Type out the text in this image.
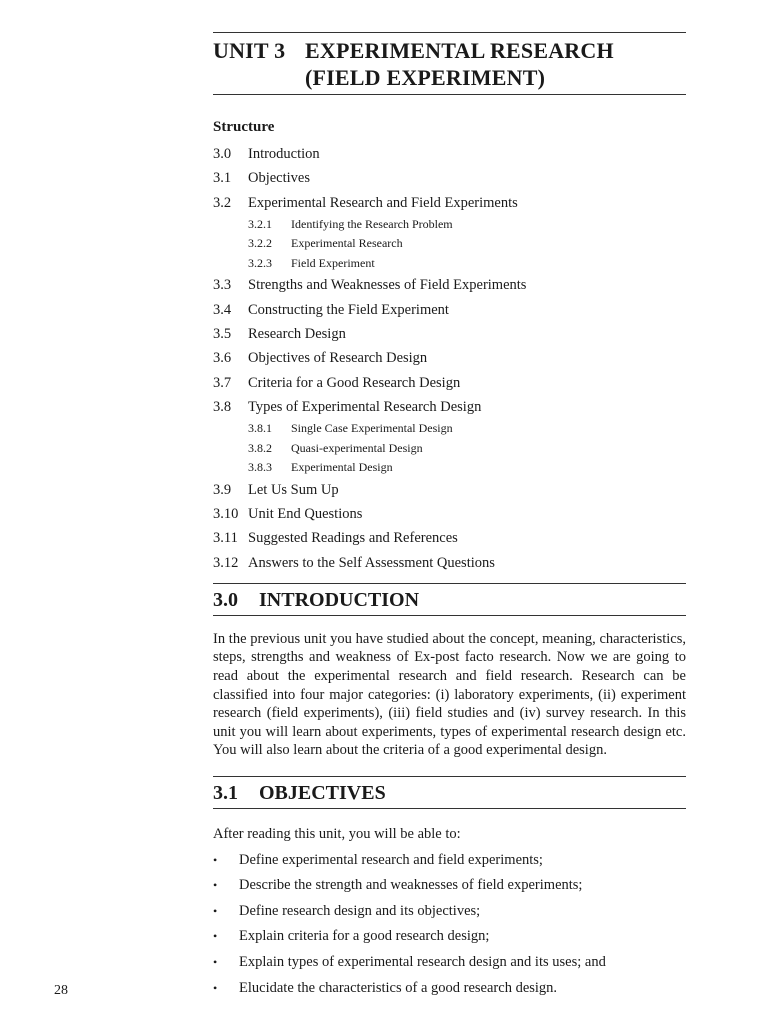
UNIT 3 EXPERIMENTAL RESEARCH
(FIELD EXPERIMENT)
Structure
3.0	Introduction
3.1	Objectives
3.2	Experimental Research and Field Experiments
3.2.1	Identifying the Research Problem
3.2.2	Experimental Research
3.2.3	Field Experiment
3.3	Strengths and Weaknesses of Field Experiments
3.4	Constructing the Field Experiment
3.5	Research Design
3.6	Objectives of Research Design
3.7	Criteria for a Good Research Design
3.8	Types of Experimental Research Design
3.8.1	Single Case Experimental Design
3.8.2	Quasi-experimental Design
3.8.3	Experimental Design
3.9	Let Us Sum Up
3.10 Unit End Questions
3.11 Suggested Readings and References
3.12 Answers to the Self Assessment Questions
3.0	INTRODUCTION

In the previous unit you have studied about the concept, meaning, characteristics, steps, strengths and weakness of Ex-post facto research. Now we are going to read about the experimental research and field research. Research can be classified into four major categories: (i) laboratory experiments, (ii) experiment research (field experiments), (iii) field studies and (iv) survey research. In this unit you will learn about experiments, types of experimental research design etc. You will also learn about the criteria of a good experimental design.

3.1	OBJECTIVES

After reading this unit, you will be able to:

•	Define experimental research and field experiments;
•	Describe the strength and weaknesses of field experiments;
•	Define research design and its objectives;
•	Explain criteria for a good research design;
•	Explain types of experimental research design and its uses; and
•	Elucidate the characteristics of a good research design.
28
